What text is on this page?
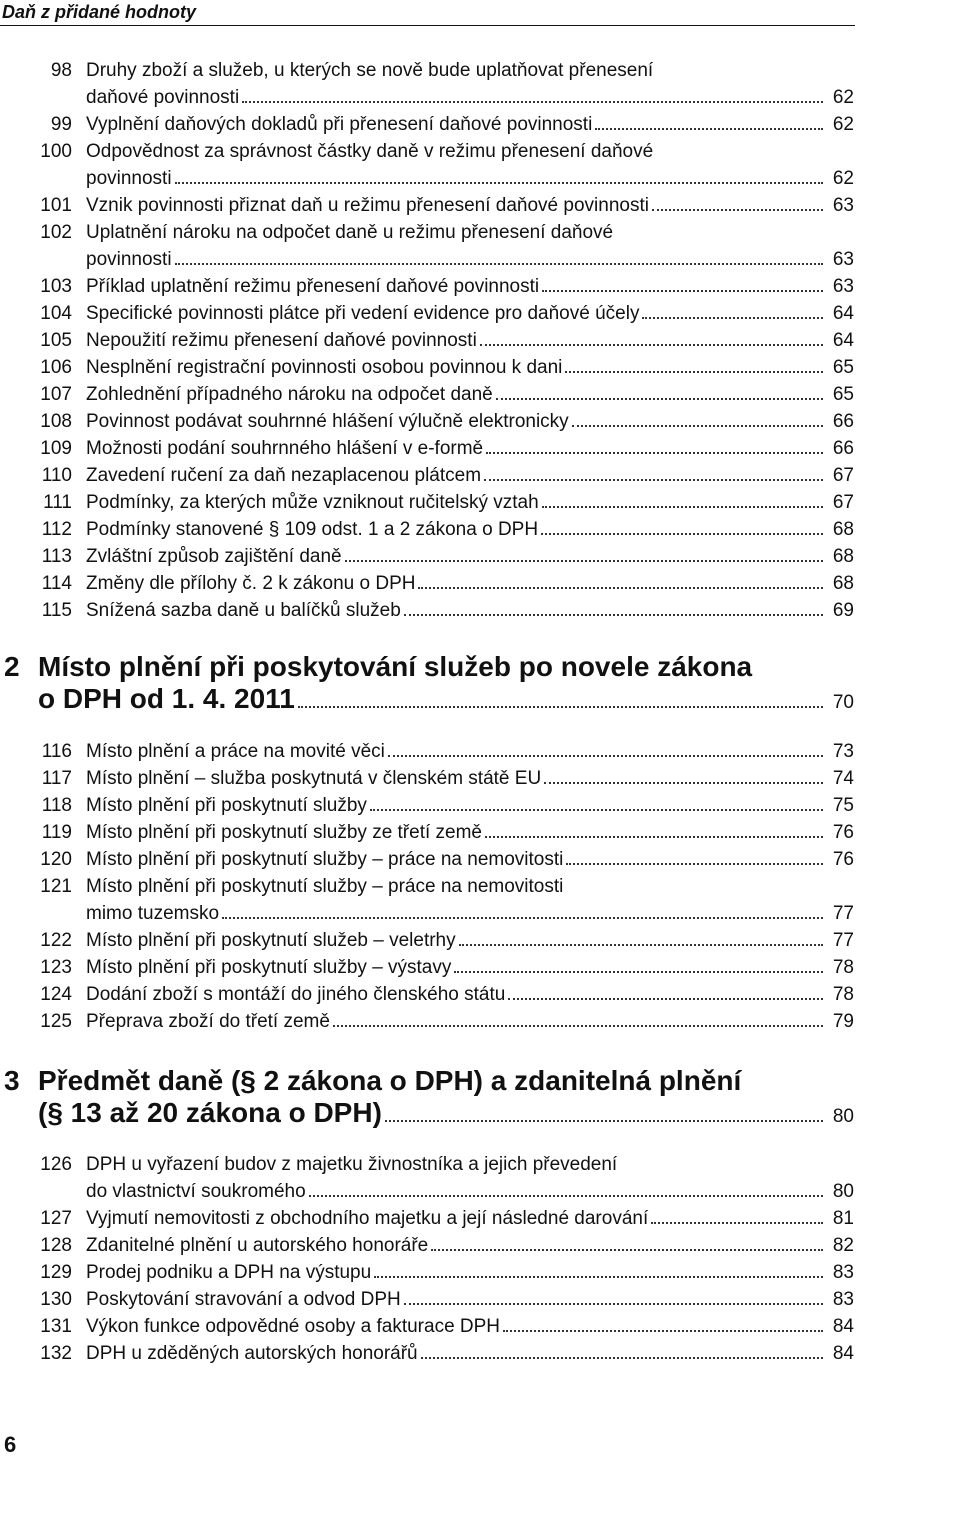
Daň z přidané hodnoty
98 Druhy zboží a služeb, u kterých se nově bude uplatňovat přenesení
daňové povinnosti	62
99 Vyplnění daňových dokladů při přenesení daňové povinnosti	62
100 Odpovědnost za správnost částky daně v režimu přenesení daňové
povinnosti	62
101 Vznik povinnosti přiznat daň u režimu přenesení daňové povinnosti	63
102 Uplatnění nároku na odpočet daně u režimu přenesení daňové
povinnosti	63
103 Příklad uplatnění režimu přenesení daňové povinnosti	63
104 Specifické povinnosti plátce při vedení evidence pro daňové účely	64
105 Nepoužití režimu přenesení daňové povinnosti	64
106 Nesplnění registrační povinnosti osobou povinnou k dani	65
107 Zohlednění případného nároku na odpočet daně	65
108 Povinnost podávat souhrnné hlášení výlučně elektronicky	66
109 Možnosti podání souhrnného hlášení v e-formě	66
110 Zavedení ručení za daň nezaplacenou plátcem	67
111 Podmínky, za kterých může vzniknout ručitelský vztah	67
112 Podmínky stanovené § 109 odst. 1 a 2 zákona o DPH	68
113 Zvláštní způsob zajištění daně	68
114 Změny dle přílohy č. 2 k zákonu o DPH	68
115 Snížená sazba daně u balíčků služeb	69
2 Místo plnění při poskytování služeb po novele zákona
o DPH od 1. 4. 2011	70
116 Místo plnění a práce na movité věci	73
117 Místo plnění – služba poskytnutá v členském státě EU	74
118 Místo plnění při poskytnutí služby	75
119 Místo plnění při poskytnutí služby ze třetí země	76
120 Místo plnění při poskytnutí služby – práce na nemovitosti	76
121 Místo plnění při poskytnutí služby – práce na nemovitosti
mimo tuzemsko	77
122 Místo plnění při poskytnutí služeb – veletrhy	77
123 Místo plnění při poskytnutí služby – výstavy	78
124 Dodání zboží s montáží do jiného členského státu	78
125 Přeprava zboží do třetí země	79
3 Předmět daně (§ 2 zákona o DPH) a zdanitelná plnění
(§ 13 až 20 zákona o DPH)	80
126 DPH u vyřazení budov z majetku živnostníka a jejich převedení
do vlastnictví soukromého	80
127 Vyjmutí nemovitosti z obchodního majetku a její následné darování	81
128 Zdanitelné plnění u autorského honoráře	82
129 Prodej podniku a DPH na výstupu	83
130 Poskytování stravování a odvod DPH	83
131 Výkon funkce odpovědné osoby a fakturace DPH	84
132 DPH u zděděných autorských honorářů	84
6
